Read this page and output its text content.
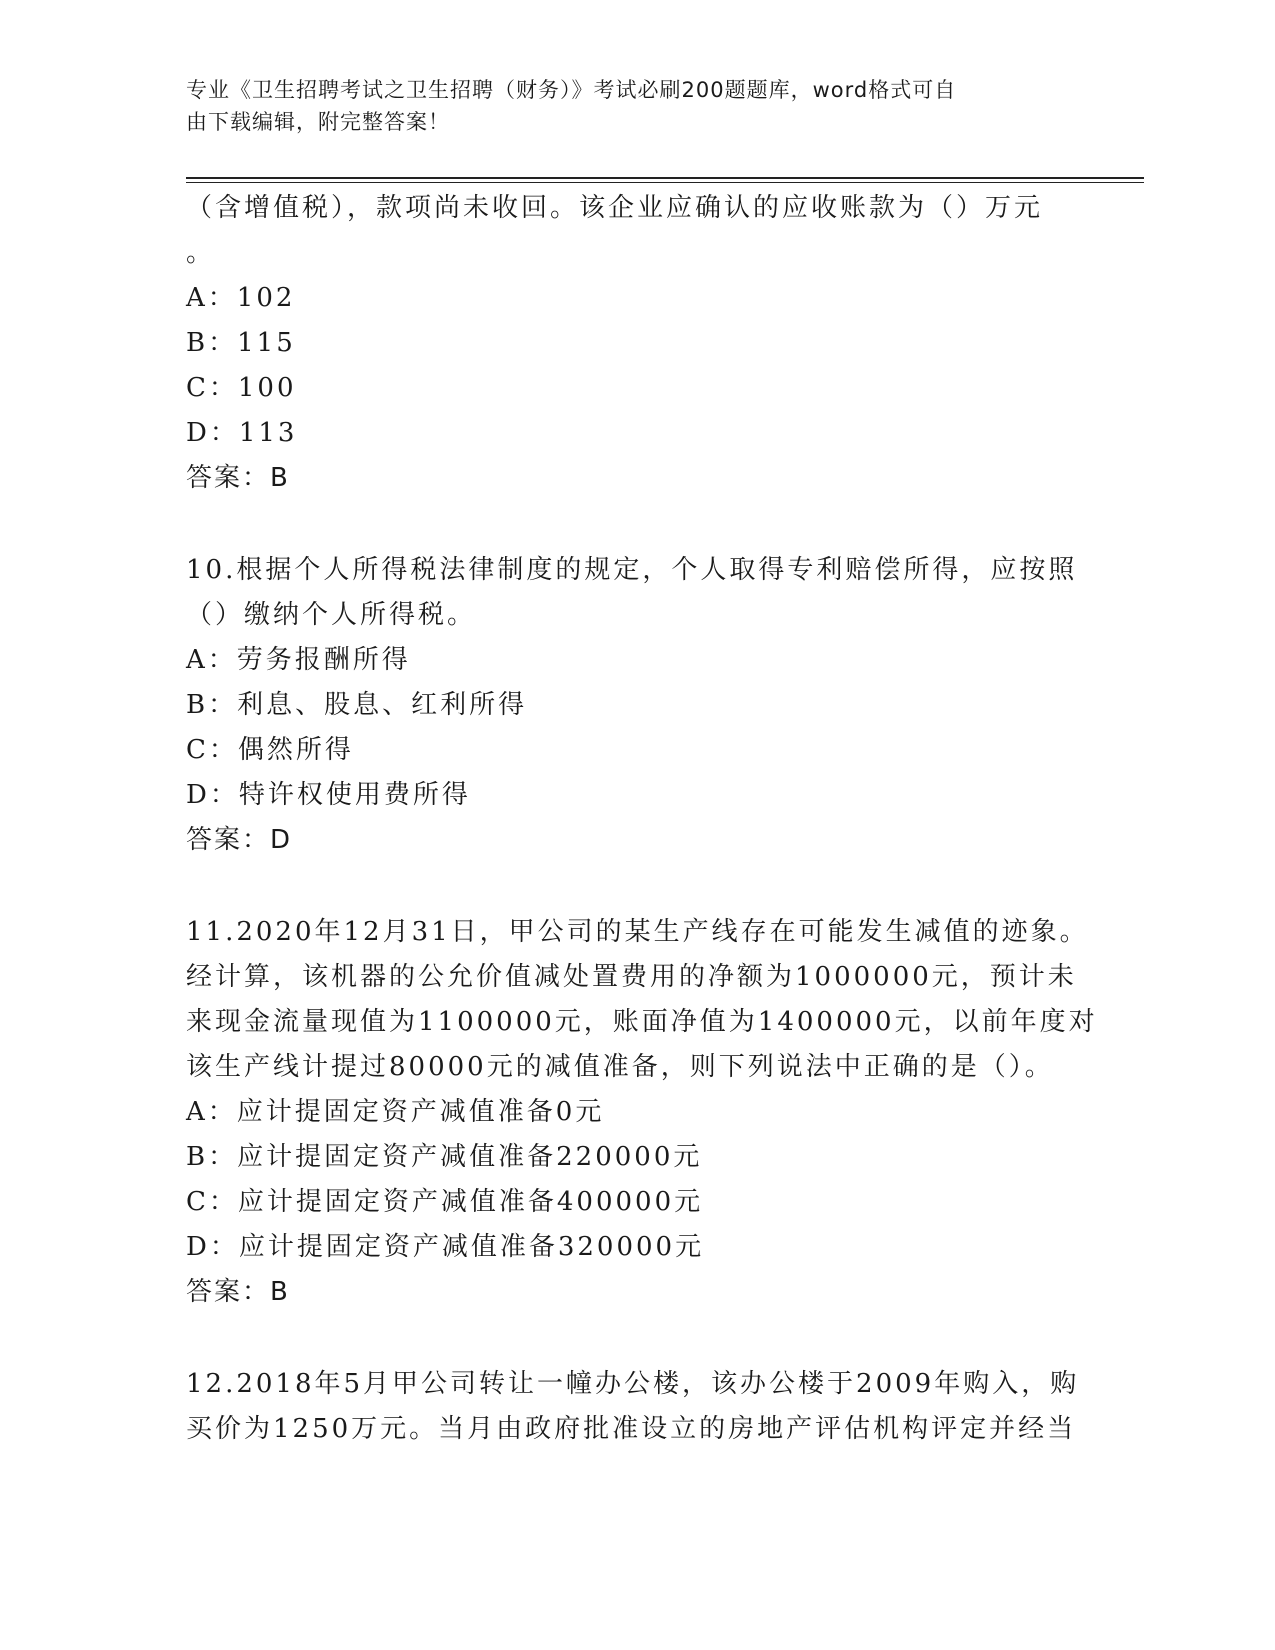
专业《卫生招聘考试之卫生招聘（财务）》考试必刷200题题库，word格式可自
由下载编辑，附完整答案！
（含增值税），款项尚未收回。该企业应确认的应收账款为（）万元
。
A：102
B：115
C：100
D：113
答案：B
10.根据个人所得税法律制度的规定，个人取得专利赔偿所得，应按照
（）缴纳个人所得税。
A：劳务报酬所得
B：利息、股息、红利所得
C：偶然所得
D：特许权使用费所得
答案：D
11.2020年12月31日，甲公司的某生产线存在可能发生减值的迹象。
经计算，该机器的公允价值减处置费用的净额为1000000元，预计未
来现金流量现值为1100000元，账面净值为1400000元，以前年度对
该生产线计提过80000元的减值准备，则下列说法中正确的是（）。
A：应计提固定资产减值准备0元
B：应计提固定资产减值准备220000元
C：应计提固定资产减值准备400000元
D：应计提固定资产减值准备320000元
答案：B
12.2018年5月甲公司转让一幢办公楼，该办公楼于2009年购入，购
买价为1250万元。当月由政府批准设立的房地产评估机构评定并经当
